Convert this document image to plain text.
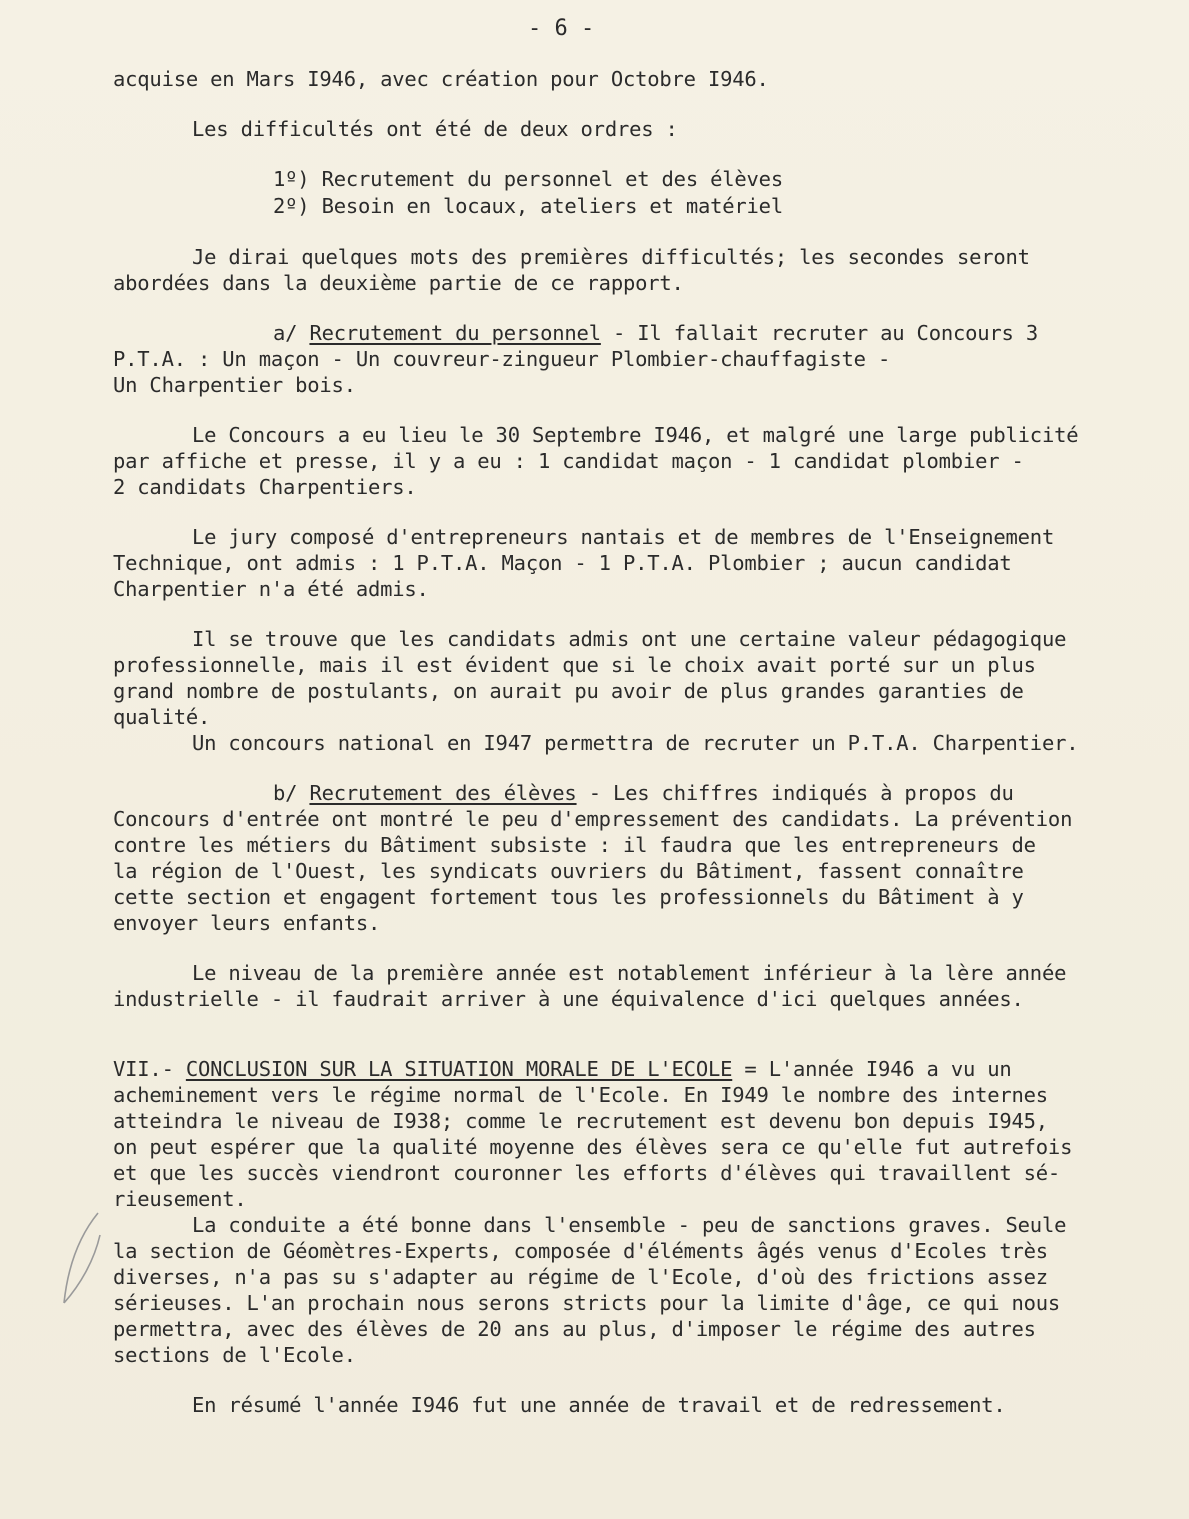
- 6 -
acquise en Mars I946, avec création pour Octobre I946.
Les difficultés ont été de deux ordres :
1º) Recrutement du personnel et des élèves
2º) Besoin en locaux, ateliers et matériel
Je dirai quelques mots des premières difficultés; les secondes seront
abordées dans la deuxième partie de ce rapport.
a/ Recrutement du personnel - Il fallait recruter au Concours 3
P.T.A. : Un maçon - Un couvreur-zingueur Plombier-chauffagiste -
Un Charpentier bois.
Le Concours a eu lieu le 30 Septembre I946, et malgré une large publicité
par affiche et presse, il y a eu : 1 candidat maçon - 1 candidat plombier -
2 candidats Charpentiers.
Le jury composé d'entrepreneurs nantais et de membres de l'Enseignement
Technique, ont admis : 1 P.T.A. Maçon - 1 P.T.A. Plombier ; aucun candidat
Charpentier n'a été admis.
Il se trouve que les candidats admis ont une certaine valeur pédagogique
professionnelle, mais il est évident que si le choix avait porté sur un plus
grand nombre de postulants, on aurait pu avoir de plus grandes garanties de
qualité.
Un concours national en I947 permettra de recruter un P.T.A. Charpentier.
b/ Recrutement des élèves - Les chiffres indiqués à propos du
Concours d'entrée ont montré le peu d'empressement des candidats. La prévention
contre les métiers du Bâtiment subsiste : il faudra que les entrepreneurs de
la région de l'Ouest, les syndicats ouvriers du Bâtiment, fassent connaître
cette section et engagent fortement tous les professionnels du Bâtiment à y
envoyer leurs enfants.
Le niveau de la première année est notablement inférieur à la lère année
industrielle - il faudrait arriver à une équivalence d'ici quelques années.
VII.- CONCLUSION SUR LA SITUATION MORALE DE L'ECOLE = L'année I946 a vu un
acheminement vers le régime normal de l'Ecole. En I949 le nombre des internes
atteindra le niveau de I938; comme le recrutement est devenu bon depuis I945,
on peut espérer que la qualité moyenne des élèves sera ce qu'elle fut autrefois
et que les succès viendront couronner les efforts d'élèves qui travaillent sé-
rieusement.
La conduite a été bonne dans l'ensemble - peu de sanctions graves. Seule
la section de Géomètres-Experts, composée d'éléments âgés venus d'Ecoles très
diverses, n'a pas su s'adapter au régime de l'Ecole, d'où des frictions assez
sérieuses. L'an prochain nous serons stricts pour la limite d'âge, ce qui nous
permettra, avec des élèves de 20 ans au plus, d'imposer le régime des autres
sections de l'Ecole.
En résumé l'année I946 fut une année de travail et de redressement.
